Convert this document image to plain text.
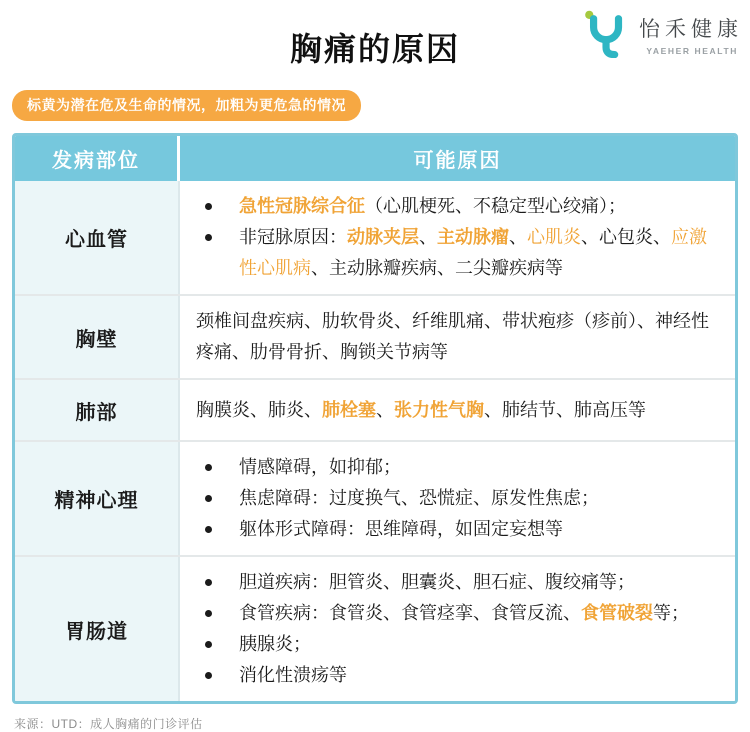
胸痛的原因
怡禾健康
YAEHER HEALTH
标黄为潜在危及生命的情况，加粗为更危急的情况
发病部位	可能原因
心血管
急性冠脉综合征（心肌梗死、不稳定型心绞痛）；
非冠脉原因：动脉夹层、主动脉瘤、心肌炎、心包炎、应激性心肌病、主动脉瓣疾病、二尖瓣疾病等
胸壁
颈椎间盘疾病、肋软骨炎、纤维肌痛、带状疱疹（疹前）、神经性疼痛、肋骨骨折、胸锁关节病等
肺部	胸膜炎、肺炎、肺栓塞、张力性气胸、肺结节、肺高压等
精神心理
情感障碍，如抑郁；
焦虑障碍：过度换气、恐慌症、原发性焦虑；
躯体形式障碍：思维障碍，如固定妄想等
胃肠道
胆道疾病：胆管炎、胆囊炎、胆石症、腹绞痛等；
食管疾病：食管炎、食管痉挛、食管反流、食管破裂等；
胰腺炎；
消化性溃疡等
来源：UTD：成人胸痛的门诊评估
